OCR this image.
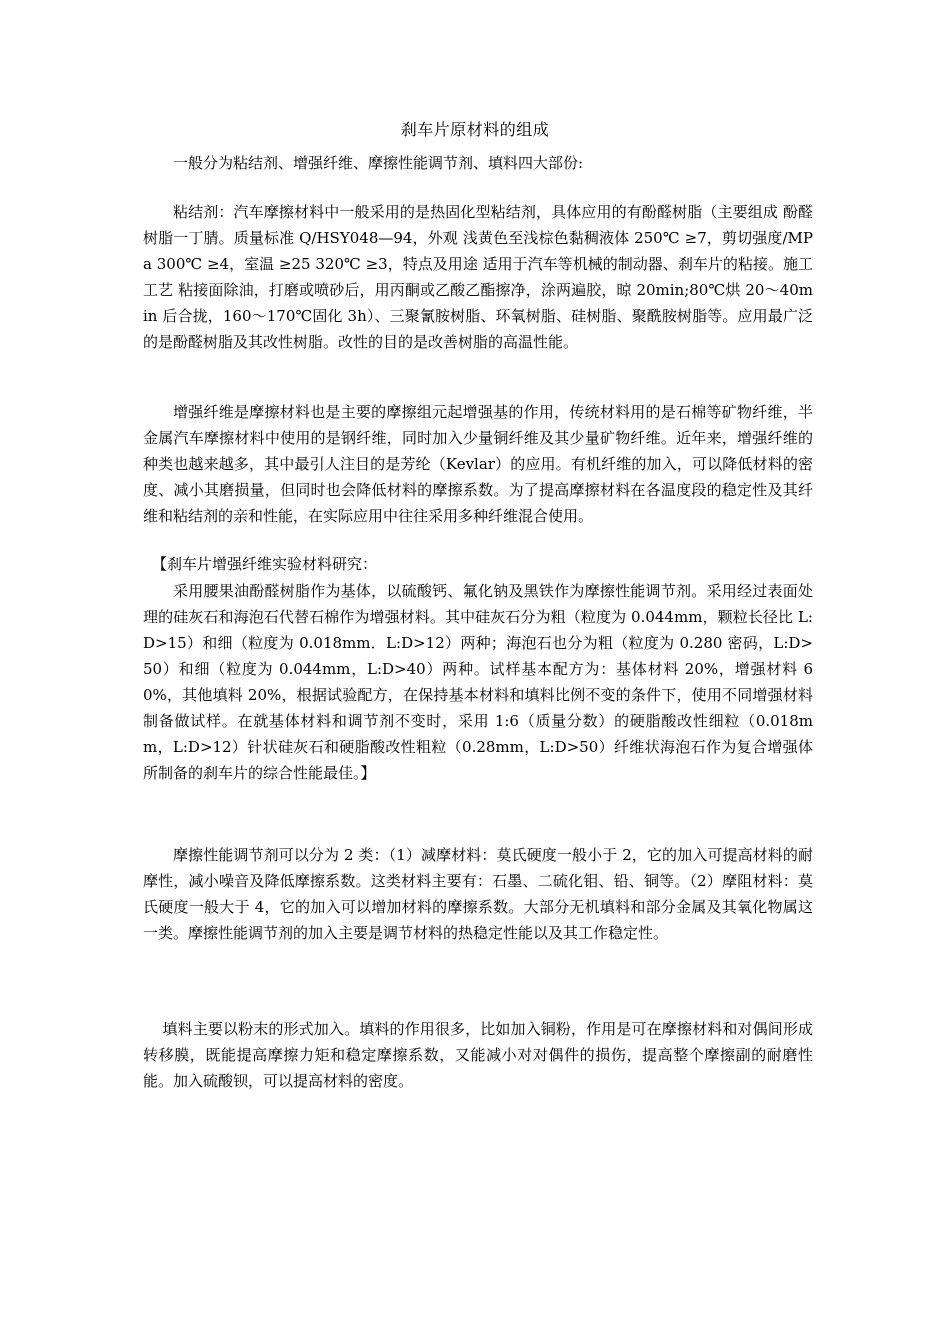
刹车片原材料的组成
一般分为粘结剂、增强纤维、摩擦性能调节剂、填料四大部份:
粘结剂：汽车摩擦材料中一般采用的是热固化型粘结剂，具体应用的有酚醛树脂（主要组成 酚醛树脂一丁腈。质量标准 Q/HSY048—94，外观 浅黄色至浅棕色黏稠液体 250℃ ≥7，剪切强度/MPa 300℃ ≥4，室温 ≥25 320℃ ≥3，特点及用途 适用于汽车等机械的制动器、刹车片的粘接。施工工艺 粘接面除油，打磨或喷砂后，用丙酮或乙酸乙酯擦净，涂两遍胶，晾 20min;80℃烘 20～40min 后合拢，160～170℃固化 3h）、三聚氰胺树脂、环氧树脂、硅树脂、聚酰胺树脂等。应用最广泛的是酚醛树脂及其改性树脂。改性的目的是改善树脂的高温性能。
增强纤维是摩擦材料也是主要的摩擦组元起增强基的作用，传统材料用的是石棉等矿物纤维，半金属汽车摩擦材料中使用的是钢纤维，同时加入少量铜纤维及其少量矿物纤维。近年来，增强纤维的种类也越来越多，其中最引人注目的是芳纶（Kevlar）的应用。有机纤维的加入，可以降低材料的密度、减小其磨损量，但同时也会降低材料的摩擦系数。为了提高摩擦材料在各温度段的稳定性及其纤维和粘结剂的亲和性能，在实际应用中往往采用多种纤维混合使用。
【刹车片增强纤维实验材料研究：
采用腰果油酚醛树脂作为基体，以硫酸钙、氟化钠及黑铁作为摩擦性能调节剂。采用经过表面处理的硅灰石和海泡石代替石棉作为增强材料。其中硅灰石分为粗（粒度为 0.044mm，颗粒长径比 L:D>15）和细（粒度为 0.018mm．L:D>12）两种；海泡石也分为粗（粒度为 0.280 密码，L:D>50）和细（粒度为 0.044mm，L:D>40）两种。试样基本配方为：基体材料 20%，增强材料 60%，其他填料 20%，根据试验配方，在保持基本材料和填料比例不变的条件下，使用不同增强材料制备做试样。在就基体材料和调节剂不变时，采用 1:6（质量分数）的硬脂酸改性细粒（0.018mm，L:D>12）针状硅灰石和硬脂酸改性粗粒（0.28mm，L:D>50）纤维状海泡石作为复合增强体所制备的刹车片的综合性能最佳。】
摩擦性能调节剂可以分为 2 类：（1）减摩材料：莫氏硬度一般小于 2，它的加入可提高材料的耐摩性，减小噪音及降低摩擦系数。这类材料主要有：石墨、二硫化钼、铅、铜等。（2）摩阻材料：莫氏硬度一般大于 4，它的加入可以增加材料的摩擦系数。大部分无机填料和部分金属及其氧化物属这一类。摩擦性能调节剂的加入主要是调节材料的热稳定性能以及其工作稳定性。
填料主要以粉末的形式加入。填料的作用很多，比如加入铜粉，作用是可在摩擦材料和对偶间形成转移膜，既能提高摩擦力矩和稳定摩擦系数，又能减小对对偶件的损伤，提高整个摩擦副的耐磨性能。加入硫酸钡，可以提高材料的密度。
